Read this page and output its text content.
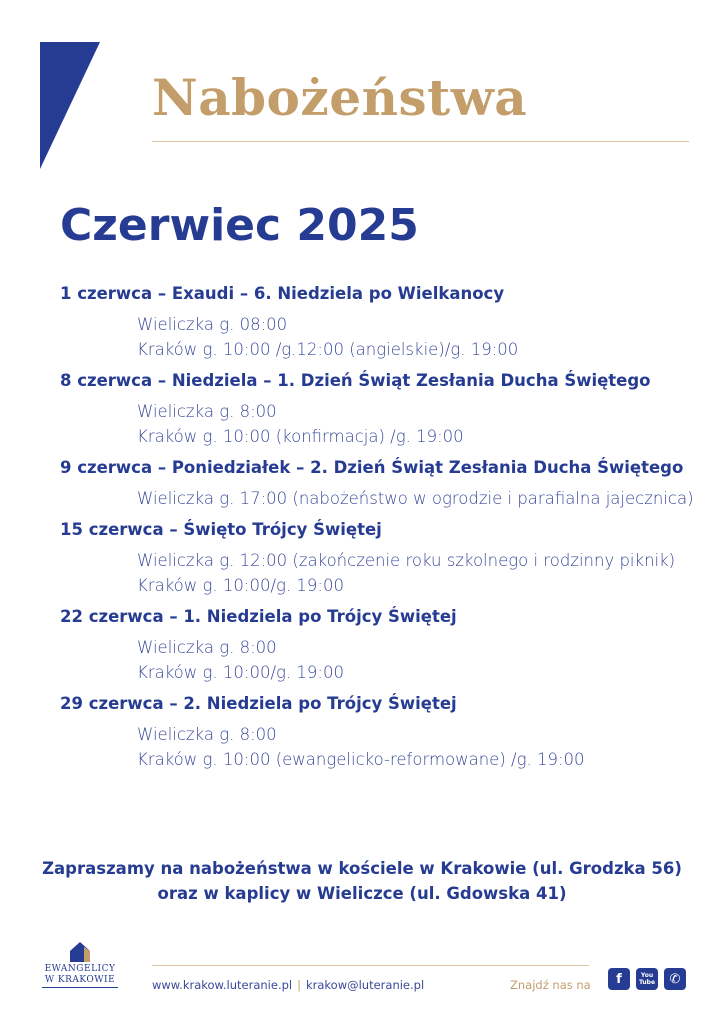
Nabożeństwa
Czerwiec 2025
1 czerwca – Exaudi – 6. Niedziela po Wielkanocy
Wieliczka g. 08:00
Kraków g. 10:00 /g.12:00 (angielskie)/g. 19:00
8 czerwca – Niedziela – 1. Dzień Świąt Zesłania Ducha Świętego
Wieliczka g. 8:00
Kraków g. 10:00 (konfirmacja) /g. 19:00
9 czerwca – Poniedziałek – 2. Dzień Świąt Zesłania Ducha Świętego
Wieliczka g. 17:00 (nabożeństwo w ogrodzie i parafialna jajecznica)
15 czerwca – Święto Trójcy Świętej
Wieliczka g. 12:00 (zakończenie roku szkolnego i rodzinny piknik)
Kraków g. 10:00/g. 19:00
22 czerwca – 1. Niedziela po Trójcy Świętej
Wieliczka g. 8:00
Kraków g. 10:00/g. 19:00
29 czerwca – 2. Niedziela po Trójcy Świętej
Wieliczka g. 8:00
Kraków g. 10:00 (ewangelicko-reformowane) /g. 19:00
Zapraszamy na nabożeństwa w kościele w Krakowie (ul. Grodzka 56)
oraz w kaplicy w Wieliczce (ul. Gdowska 41)
EWANGELICY
W KRAKOWIE	www.krakow.luteranie.pl | krakow@luteranie.pl	Znajdź nas na f	You Tube ✆
